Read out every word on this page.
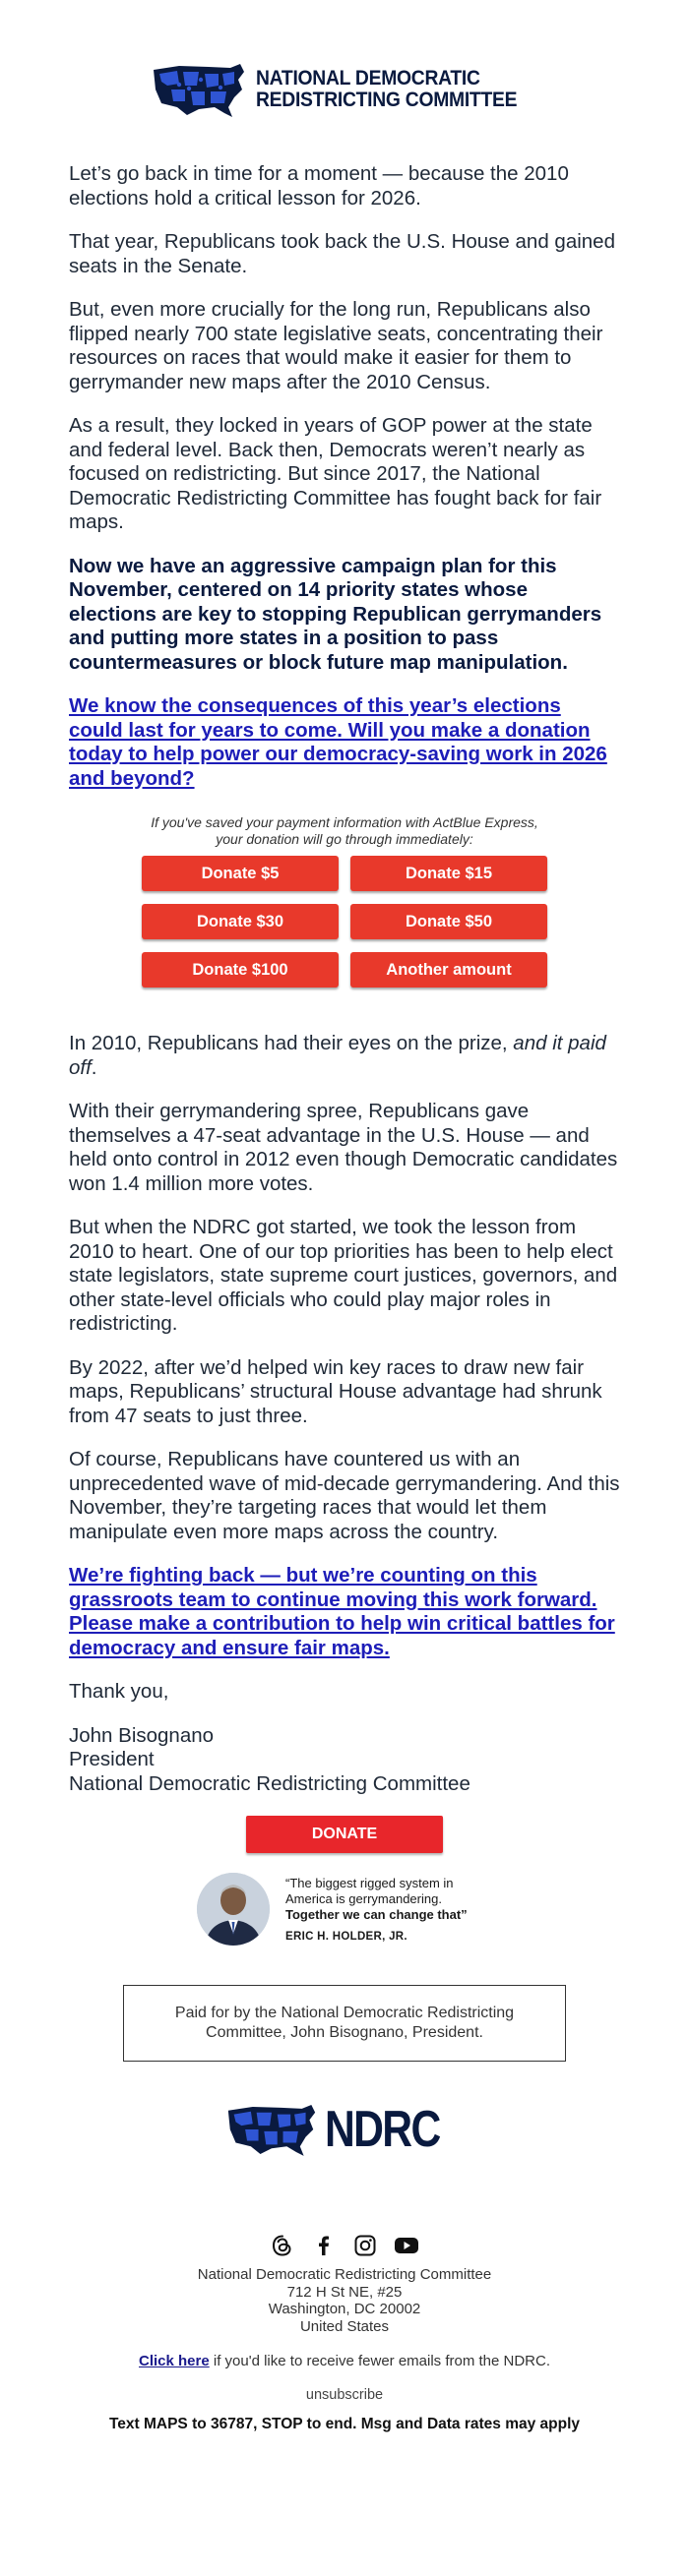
NATIONAL DEMOCRATIC
REDISTRICTING COMMITTEE

Let’s go back in time for a moment — because the 2010 elections hold a critical lesson for 2026.

That year, Republicans took back the U.S. House and gained seats in the Senate.

But, even more crucially for the long run, Republicans also flipped nearly 700 state legislative seats, concentrating their resources on races that would make it easier for them to gerrymander new maps after the 2010 Census.

As a result, they locked in years of GOP power at the state and federal level. Back then, Democrats weren’t nearly as focused on redistricting. But since 2017, the National Democratic Redistricting Committee has fought back for fair maps.

Now we have an aggressive campaign plan for this November, centered on 14 priority states whose elections are key to stopping Republican gerrymanders and putting more states in a position to pass countermeasures or block future map manipulation.

We know the consequences of this year’s elections could last for years to come. Will you make a donation today to help power our democracy-saving work in 2026 and beyond?

If you've saved your payment information with ActBlue Express, your donation will go through immediately:
Donate $5	Donate $15
Donate $30	Donate $50
Donate $100	Another amount

In 2010, Republicans had their eyes on the prize, and it paid off.

With their gerrymandering spree, Republicans gave themselves a 47-seat advantage in the U.S. House — and held onto control in 2012 even though Democratic candidates won 1.4 million more votes.

But when the NDRC got started, we took the lesson from 2010 to heart. One of our top priorities has been to help elect state legislators, state supreme court justices, governors, and other state-level officials who could play major roles in redistricting.

By 2022, after we’d helped win key races to draw new fair maps, Republicans’ structural House advantage had shrunk from 47 seats to just three.

Of course, Republicans have countered us with an unprecedented wave of mid-decade gerrymandering. And this November, they’re targeting races that would let them manipulate even more maps across the country.

We’re fighting back — but we’re counting on this grassroots team to continue moving this work forward. Please make a contribution to help win critical battles for democracy and ensure fair maps.

Thank you,

John Bisognano
President
National Democratic Redistricting Committee
DONATE
“The biggest rigged system in
America is gerrymandering.
Together we can change that”
ERIC H. HOLDER, JR.
Paid for by the National Democratic Redistricting Committee, John Bisognano, President.
NDRC
National Democratic Redistricting Committee
712 H St NE, #25
Washington, DC 20002
United States
Click here if you'd like to receive fewer emails from the NDRC.
unsubscribe
Text MAPS to 36787, STOP to end. Msg and Data rates may apply
